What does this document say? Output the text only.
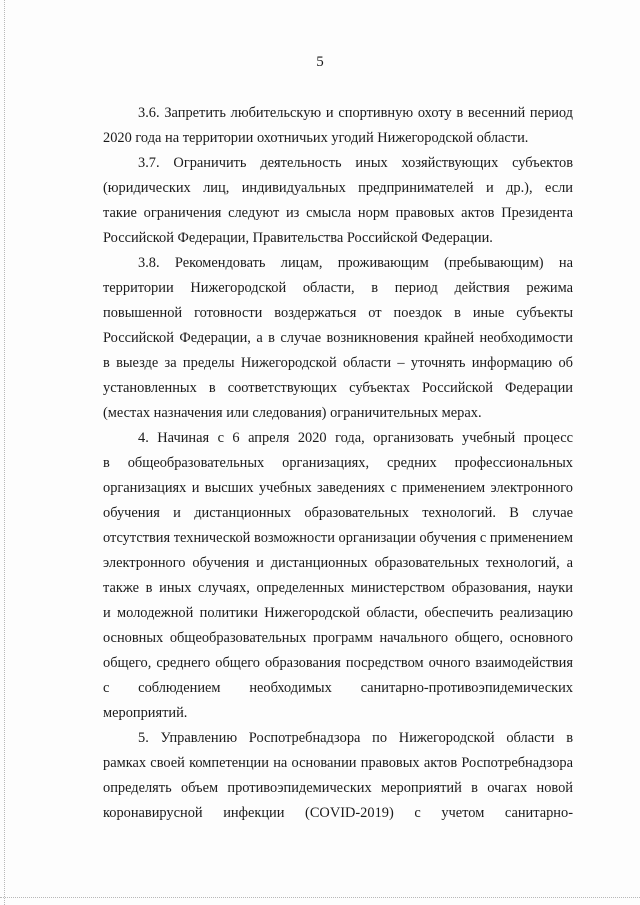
5
3.6. Запретить любительскую и спортивную охоту в весенний период
2020 года на территории охотничьих угодий Нижегородской области.
3.7. Ограничить деятельность иных хозяйствующих субъектов
(юридических лиц, индивидуальных предпринимателей и др.), если
такие ограничения следуют из смысла норм правовых актов Президента
Российской Федерации, Правительства Российской Федерации.
3.8. Рекомендовать лицам, проживающим (пребывающим) на
территории Нижегородской области, в период действия режима
повышенной готовности воздержаться от поездок в иные субъекты
Российской Федерации, а в случае возникновения крайней необходимости
в выезде за пределы Нижегородской области – уточнять информацию об
установленных в соответствующих субъектах Российской Федерации
(местах назначения или следования) ограничительных мерах.
4. Начиная с 6 апреля 2020 года, организовать учебный процесс
в общеобразовательных организациях, средних профессиональных
организациях и высших учебных заведениях с применением электронного
обучения и дистанционных образовательных технологий. В случае
отсутствия технической возможности организации обучения с применением
электронного обучения и дистанционных образовательных технологий, а
также в иных случаях, определенных министерством образования, науки
и молодежной политики Нижегородской области, обеспечить реализацию
основных общеобразовательных программ начального общего, основного
общего, среднего общего образования посредством очного взаимодействия
с соблюдением необходимых санитарно-противоэпидемических
мероприятий.
5. Управлению Роспотребнадзора по Нижегородской области в
рамках своей компетенции на основании правовых актов Роспотребнадзора
определять объем противоэпидемических мероприятий в очагах новой
коронавирусной инфекции (COVID-2019) с учетом санитарно-
